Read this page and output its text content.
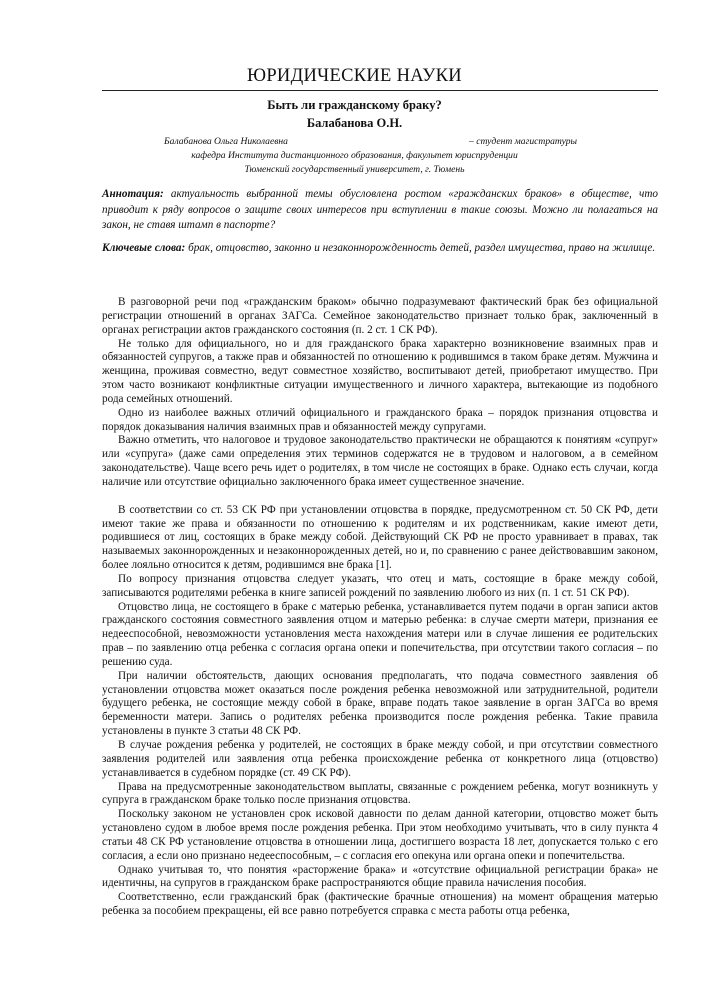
ЮРИДИЧЕСКИЕ НАУКИ
Быть ли гражданскому браку?
Балабанова О.Н.
Балабанова Ольга Николаевна	– студент магистратуры
кафедра Института дистанционного образования, факультет юриспруденции
Тюменский государственный университет, г. Тюмень
Аннотация: актуальность выбранной темы обусловлена ростом «гражданских браков» в обществе, что приводит к ряду вопросов о защите своих интересов при вступлении в такие союзы. Можно ли полагаться на закон, не ставя штамп в паспорте?
Ключевые слова: брак, отцовство, законно и незаконнорожденность детей, раздел имущества, право на жилище.

В разговорной речи под «гражданским браком» обычно подразумевают фактический брак без официальной регистрации отношений в органах ЗАГСа. Семейное законодательство признает только брак, заключенный в органах регистрации актов гражданского состояния (п. 2 ст. 1 СК РФ).

Не только для официального, но и для гражданского брака характерно возникновение взаимных прав и обязанностей супругов, а также прав и обязанностей по отношению к родившимся в таком браке детям. Мужчина и женщина, проживая совместно, ведут совместное хозяйство, воспитывают детей, приобретают имущество. При этом часто возникают конфликтные ситуации имущественного и личного характера, вытекающие из подобного рода семейных отношений.

Одно из наиболее важных отличий официального и гражданского брака – порядок признания отцовства и порядок доказывания наличия взаимных прав и обязанностей между супругами.

Важно отметить, что налоговое и трудовое законодательство практически не обращаются к понятиям «супруг» или «супруга» (даже сами определения этих терминов содержатся не в трудовом и налоговом, а в семейном законодательстве). Чаще всего речь идет о родителях, в том числе не состоящих в браке. Однако есть случаи, когда наличие или отсутствие официально заключенного брака имеет существенное значение.

В соответствии со ст. 53 СК РФ при установлении отцовства в порядке, предусмотренном ст. 50 СК РФ, дети имеют такие же права и обязанности по отношению к родителям и их родственникам, какие имеют дети, родившиеся от лиц, состоящих в браке между собой. Действующий СК РФ не просто уравнивает в правах, так называемых законнорожденных и незаконнорожденных детей, но и, по сравнению с ранее действовавшим законом, более лояльно относится к детям, родившимся вне брака [1].

По вопросу признания отцовства следует указать, что отец и мать, состоящие в браке между собой, записываются родителями ребенка в книге записей рождений по заявлению любого из них (п. 1 ст. 51 СК РФ).

Отцовство лица, не состоящего в браке с матерью ребенка, устанавливается путем подачи в орган записи актов гражданского состояния совместного заявления отцом и матерью ребенка: в случае смерти матери, признания ее недееспособной, невозможности установления места нахождения матери или в случае лишения ее родительских прав – по заявлению отца ребенка с согласия органа опеки и попечительства, при отсутствии такого согласия – по решению суда.

При наличии обстоятельств, дающих основания предполагать, что подача совместного заявления об установлении отцовства может оказаться после рождения ребенка невозможной или затруднительной, родители будущего ребенка, не состоящие между собой в браке, вправе подать такое заявление в орган ЗАГСа во время беременности матери. Запись о родителях ребенка производится после рождения ребенка. Такие правила установлены в пункте 3 статьи 48 СК РФ.

В случае рождения ребенка у родителей, не состоящих в браке между собой, и при отсутствии совместного заявления родителей или заявления отца ребенка происхождение ребенка от конкретного лица (отцовство) устанавливается в судебном порядке (ст. 49 СК РФ).

Права на предусмотренные законодательством выплаты, связанные с рождением ребенка, могут возникнуть у супруга в гражданском браке только после признания отцовства.

Поскольку законом не установлен срок исковой давности по делам данной категории, отцовство может быть установлено судом в любое время после рождения ребенка. При этом необходимо учитывать, что в силу пункта 4 статьи 48 СК РФ установление отцовства в отношении лица, достигшего возраста 18 лет, допускается только с его согласия, а если оно признано недееспособным, – с согласия его опекуна или органа опеки и попечительства.

Однако учитывая то, что понятия «расторжение брака» и «отсутствие официальной регистрации брака» не идентичны, на супругов в гражданском браке распространяются общие правила начисления пособия.

Соответственно, если гражданский брак (фактические брачные отношения) на момент обращения матерью ребенка за пособием прекращены, ей все равно потребуется справка с места работы отца ребенка,
